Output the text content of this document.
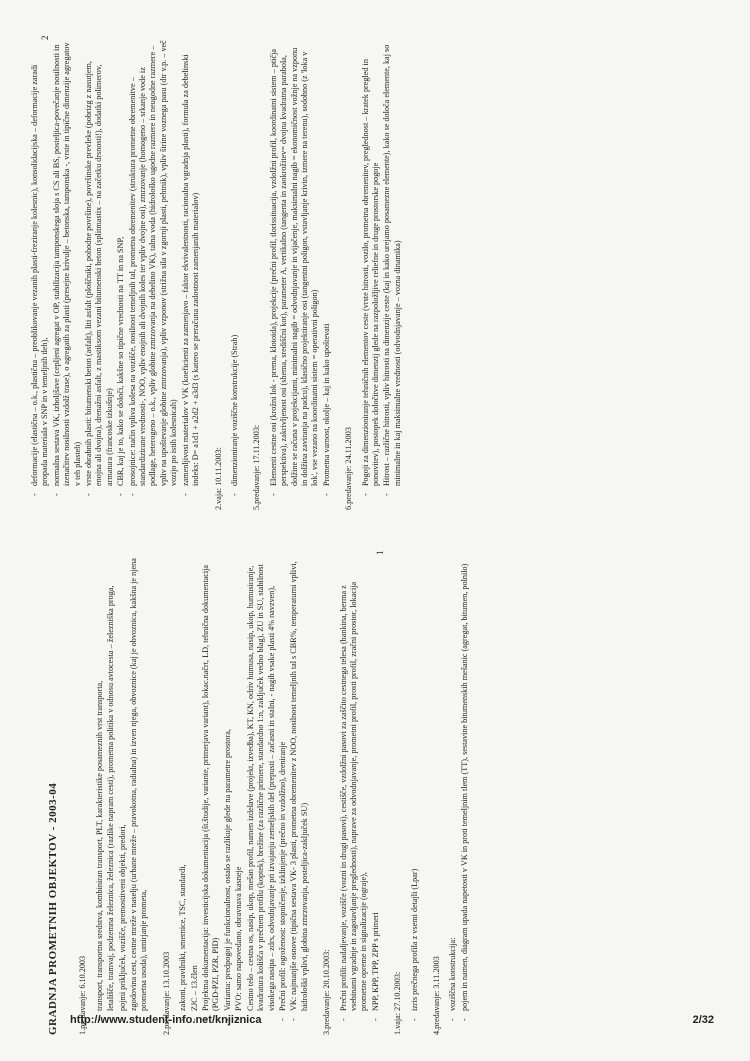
GRADNJA PROMETNIH OBJEKTOV - 2003-04 1.predavanje: 6.10.2003 - transport, transportna sredstva, kombiniran transport, PLT, karakteristike posameznih vrst transporta, - letališče, tramvaj, podzemna železnica, železnica (razlike napram cesti), prometna politika v odnosu avtocesta – železniška proga, - pojmi priključek, vozišče, premostitveni objekti, predori, - zgodovina cest, cestne mreže v naselju (urbane mreže – pravokotna, radialna) in izven njega, obvoznice (kaj je obvoznica, kakšna je njena prometna usoda), umirjanje prometa, 2.predavanje: 13.10.2003 - zakoni, pravilniki, smernice, TSC, standardi, - ZJC – 13.člen - Projektna dokumentacija: investicijska dokumentacija (št.študije, variante, primerjava variant), lokac.načrt, LD, tehnična dokumentacija (PGD-PZI, PZR, PID) - Varianta: predpogoj je funkcionalnost, ostalo se razlikuje glede na parametre prostora, - PVO: samo napovedano, obravnava kasneje - Cestno telo – cestna os, nasip, ukop, mešan profil, namen izdelave (projekt, izvedba), KT, KN, odriv humusa, nasip, ukop, humusiranje, kvadratura kolišča v prečnem profilu (koptek), brežine (za različne primere, standardno 1:n, zaključek vedno blag), ZU in SU, stabilnost visokega nasipa – zdrs, odvodnjavanje pri izvajanju zemeljskih del (prepusti – začasni in stalni, - nagib vsake plasti 4% navzven), - Prečni profil: ogroženost: stopničenje, izklinjenje (prečno in vzdolžno), dreniranje - VK: najmanjše osnove (tipična sestava VK- 3 plasti, prometna obremenitev z NOO, nosilnost temeljnih tal s CBR%, temperaturni vplivi, hidrološki vplivi, globina zmrzovanja, posteljica-zaključek SU) 3.predavanje: 20.10.2003: - Prečni profili: nadaljevanje, vozišče (vozni in drugi pasovi), cestišče, vzdolžni pasovi za zaščito cestnega telesa (bankina, berma z vsebinami vgradnje in zagotavljanje preglednosti), naprave za odvodnjavanje, prometni profil, prosti profil, zračni prostor, lokacija prometne opreme in signalizacije (ograje), - NPP, KPP, TPP, ZPP s primeri 1.vaja: 27.10.2003: - izris prečnega profila z vsemi detajli (Lpar) 4.predavanje: 3.11.2003 - voziščna konstrukcija: - pojem in namen, diagram upada napetosti v VK in proti temeljnim tlem (TT), sestavine bitumenskih mešanic (agregat, bitumen, polnilo)
- deformacije (elastična – o.k., plastična – preoblikovanje vezanih plasti-freziranje kolesnic), konsolidacijska – deformacije zaradi propada materiala v SNP in v temeljnih tleh), - normalna sestava VK, izboljšave (cepljeni agregat v OP, stabilizacija tamponskega sloja s CS ali BS, posteljica-povečanje nosilnosti in izenačitev nosilnosti vzdolž trase), o agregatih za plasti (presejne krivulje – betonska, tamponska -, vrste in tipične dimenzije agregatov v teh plasteh) - vrste obrabnih plasti: bitumenski beton (asfalt), liti asfalt (ploščniki, pohodne površine), površinske prevleke (pobrizg z nasutjem, enojna ali dvojna), drenažni asfalt, z mastiksom vezani bitumenski beton (splitmastix – na začetku drsnosti!), dodatki polimerov, armatura (francoske izkušnje) - CBR, kaj je to, kako se določi, kakšne so tipične vrednosti na TT in na SNP, - prosojnice: način vpliva kolesa na vozišče, nosilnost temeljnih tal, prometna obremenitev (struktura prometne obremenitve – standardizirane vrednosti-, NOO, vpliv enojnih ali dvojnih koles ter vpliv dvojne osi), zmrzovanje (homogeno – srkanje vode iz podlage, heterogeno – o.k., vpliv globine zmrzovanja na debelino VK), talna voda (hidrološko ugodne razmere in neugodne razmere – vpliv na upoštevanje globine zmrzovanja), vpliv vzponov (strižna sila v zgornji plasti, pehtnik), vpliv širine voznega pasu (dtr v.p. – več vozijo po istih kolesnicah) - zamenljivost materialov v VK (koeficienti za zamenjavo – faktor ekvivalentnosti, racionalna vgradnja plasti), formula za debelinski indeks: D= a1d1 + a2d2 + a3d3 (s katero se preračuna zadostnost zamenjanih materialov) 2.vaja: 10.11.2003: - dimenzioniranje voziščne konstrukcije (Strah) 5.predavanje: 17.11.2003: - Elementi cestne osi (krožni lok - prema, klotoida), projekcije (prečni profil, tlorissituacija, vzdolžni profil, koordinatni sistem – ptičja perspektiva), zakrivljenost osi (shema, središčni kot), parameter A, vertikalno (tangenta in zaokrožitev= dvojna kvadratna parabola, dolžine se računa v projekcijami, minimalni nagib = odvodnjavanje in vijačenje, maksimalni nagib = ekonomičnost vožnje na vzponu in dolžina zaviranja na padcu), klasično projektiranje osi (tangentni poligon, vstavljanje krivin, izmere na terenu), sodobno (z 'loka v lok', vse vezano na koordinatni sistem = operativni poligon) - Prometna varnost, okolje – kaj in kako upoštevati 6.predavanje: 24.11.2003 - Pogoji za dimenzioniranje tehničnih elementov ceste (vrste hitrosti, vozilo, prometna obremenitev, preglednost – kratek pregled in ponovitev), postopek določitve dimenzij glede na razpoložljive reliefne in druge prostorske pogoje - Hitrost – različne hitrosti, vpliv hitrosti na dimenzije ceste (kaj in kako urejamo posamezne elemente), kako se določa elemente, kaj so minimalne in kaj maksimalne vrednosti (odvodnjavanje – vozna dinamika)
1
2
http://www.student-info.net/knjiznica	2/32
